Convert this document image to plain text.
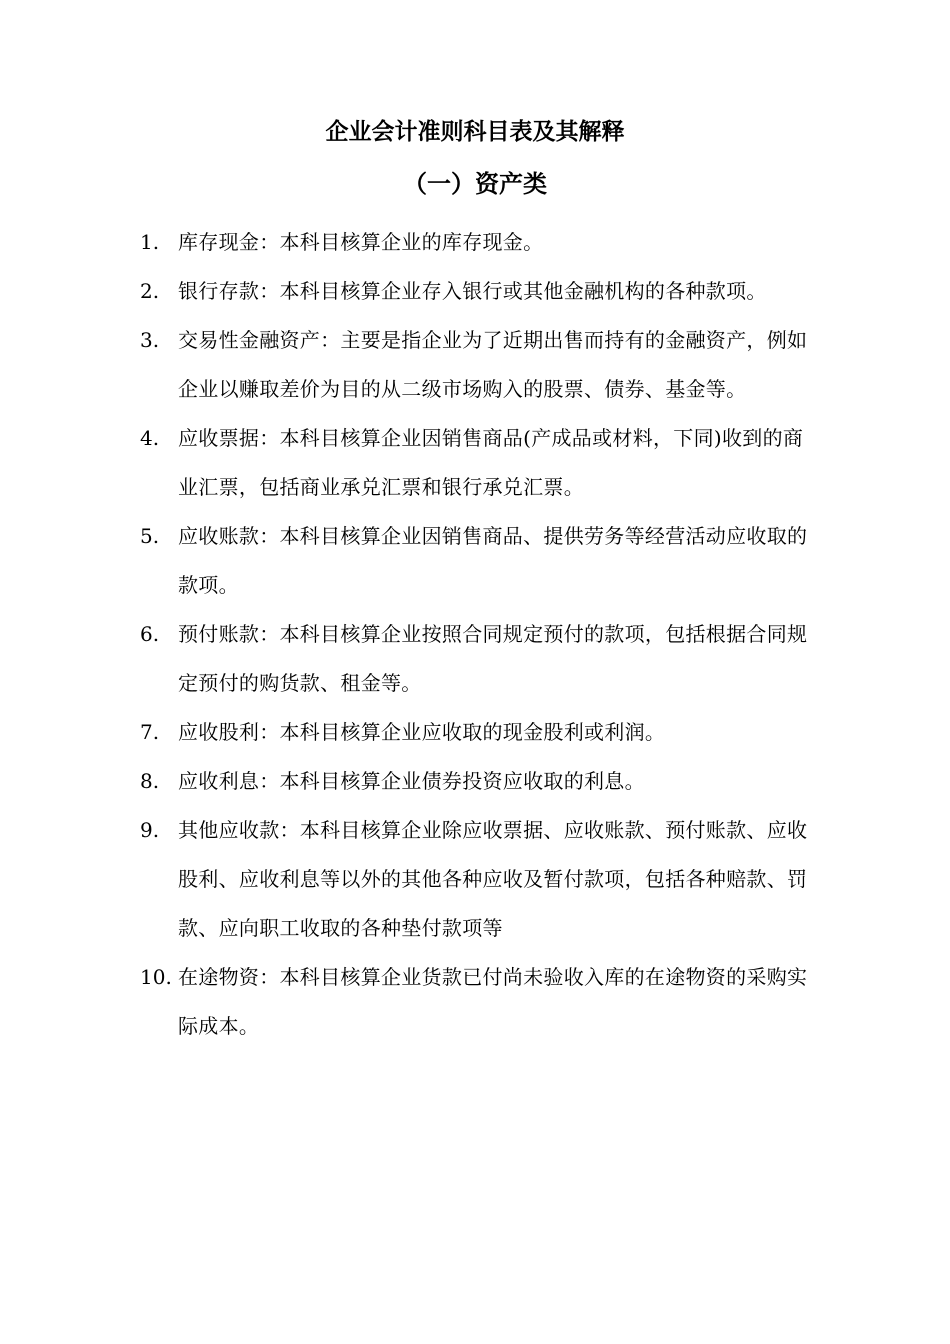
企业会计准则科目表及其解释
（一）资产类
1. 库存现金：本科目核算企业的库存现金。
2. 银行存款：本科目核算企业存入银行或其他金融机构的各种款项。
3. 交易性金融资产：主要是指企业为了近期出售而持有的金融资产，例如企业以赚取差价为目的从二级市场购入的股票、债券、基金等。
4. 应收票据：本科目核算企业因销售商品(产成品或材料，下同)收到的商业汇票，包括商业承兑汇票和银行承兑汇票。
5. 应收账款：本科目核算企业因销售商品、提供劳务等经营活动应收取的款项。
6. 预付账款：本科目核算企业按照合同规定预付的款项，包括根据合同规定预付的购货款、租金等。
7. 应收股利：本科目核算企业应收取的现金股利或利润。
8. 应收利息：本科目核算企业债券投资应收取的利息。
9. 其他应收款：本科目核算企业除应收票据、应收账款、预付账款、应收股利、应收利息等以外的其他各种应收及暂付款项，包括各种赔款、罚款、应向职工收取的各种垫付款项等
10. 在途物资：本科目核算企业货款已付尚未验收入库的在途物资的采购实际成本。
